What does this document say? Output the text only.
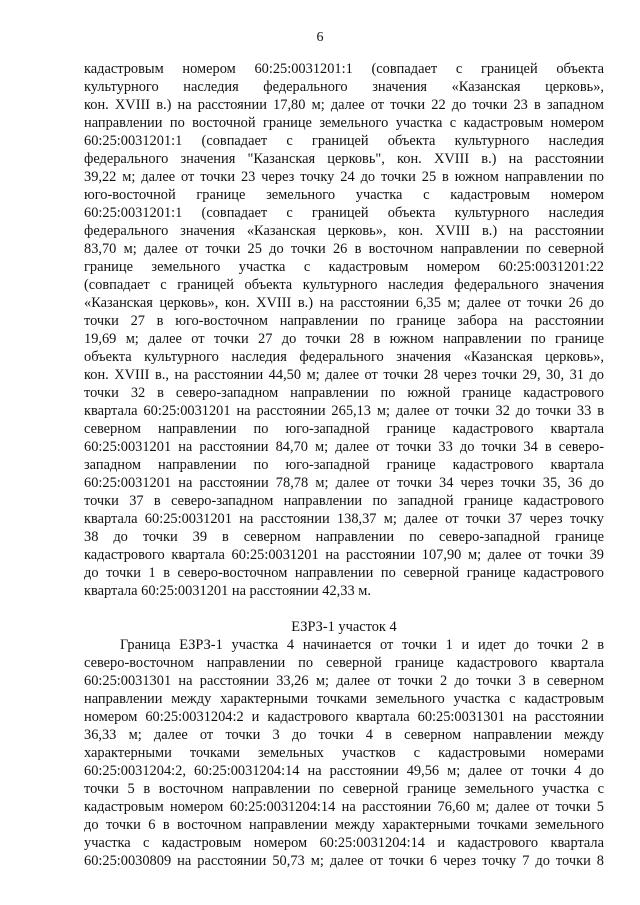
6
кадастровым номером 60:25:0031201:1 (совпадает с границей объекта
культурного наследия федерального значения «Казанская церковь»,
кон. XVIII в.) на расстоянии 17,80 м; далее от точки 22 до точки 23 в западном
направлении по восточной границе земельного участка с кадастровым номером
60:25:0031201:1 (совпадает с границей объекта культурного наследия
федерального значения "Казанская церковь", кон. XVIII в.) на расстоянии
39,22 м; далее от точки 23 через точку 24 до точки 25 в южном направлении по
юго-восточной границе земельного участка с кадастровым номером
60:25:0031201:1 (совпадает с границей объекта культурного наследия
федерального значения «Казанская церковь», кон. XVIII в.) на расстоянии
83,70 м; далее от точки 25 до точки 26 в восточном направлении по северной
границе земельного участка с кадастровым номером 60:25:0031201:22
(совпадает с границей объекта культурного наследия федерального значения
«Казанская церковь», кон. XVIII в.) на расстоянии 6,35 м; далее от точки 26 до
точки 27 в юго-восточном направлении по границе забора на расстоянии
19,69 м; далее от точки 27 до точки 28 в южном направлении по границе
объекта культурного наследия федерального значения «Казанская церковь»,
кон. XVIII в., на расстоянии 44,50 м; далее от точки 28 через точки 29, 30, 31 до
точки 32 в северо-западном направлении по южной границе кадастрового
квартала 60:25:0031201 на расстоянии 265,13 м; далее от точки 32 до точки 33 в
северном направлении по юго-западной границе кадастрового квартала
60:25:0031201 на расстоянии 84,70 м; далее от точки 33 до точки 34 в северо-
западном направлении по юго-западной границе кадастрового квартала
60:25:0031201 на расстоянии 78,78 м; далее от точки 34 через точки 35, 36 до
точки 37 в северо-западном направлении по западной границе кадастрового
квартала 60:25:0031201 на расстоянии 138,37 м; далее от точки 37 через точку
38 до точки 39 в северном направлении по северо-западной границе
кадастрового квартала 60:25:0031201 на расстоянии 107,90 м; далее от точки 39
до точки 1 в северо-восточном направлении по северной границе кадастрового
квартала 60:25:0031201 на расстоянии 42,33 м.
ЕЗРЗ-1 участок 4
Граница ЕЗРЗ-1 участка 4 начинается от точки 1 и идет до точки 2 в
северо-восточном направлении по северной границе кадастрового квартала
60:25:0031301 на расстоянии 33,26 м; далее от точки 2 до точки 3 в северном
направлении между характерными точками земельного участка с кадастровым
номером 60:25:0031204:2 и кадастрового квартала 60:25:0031301 на расстоянии
36,33 м; далее от точки 3 до точки 4 в северном направлении между
характерными точками земельных участков с кадастровыми номерами
60:25:0031204:2, 60:25:0031204:14 на расстоянии 49,56 м; далее от точки 4 до
точки 5 в восточном направлении по северной границе земельного участка с
кадастровым номером 60:25:0031204:14 на расстоянии 76,60 м; далее от точки 5
до точки 6 в восточном направлении между характерными точками земельного
участка с кадастровым номером 60:25:0031204:14 и кадастрового квартала
60:25:0030809 на расстоянии 50,73 м; далее от точки 6 через точку 7 до точки 8
